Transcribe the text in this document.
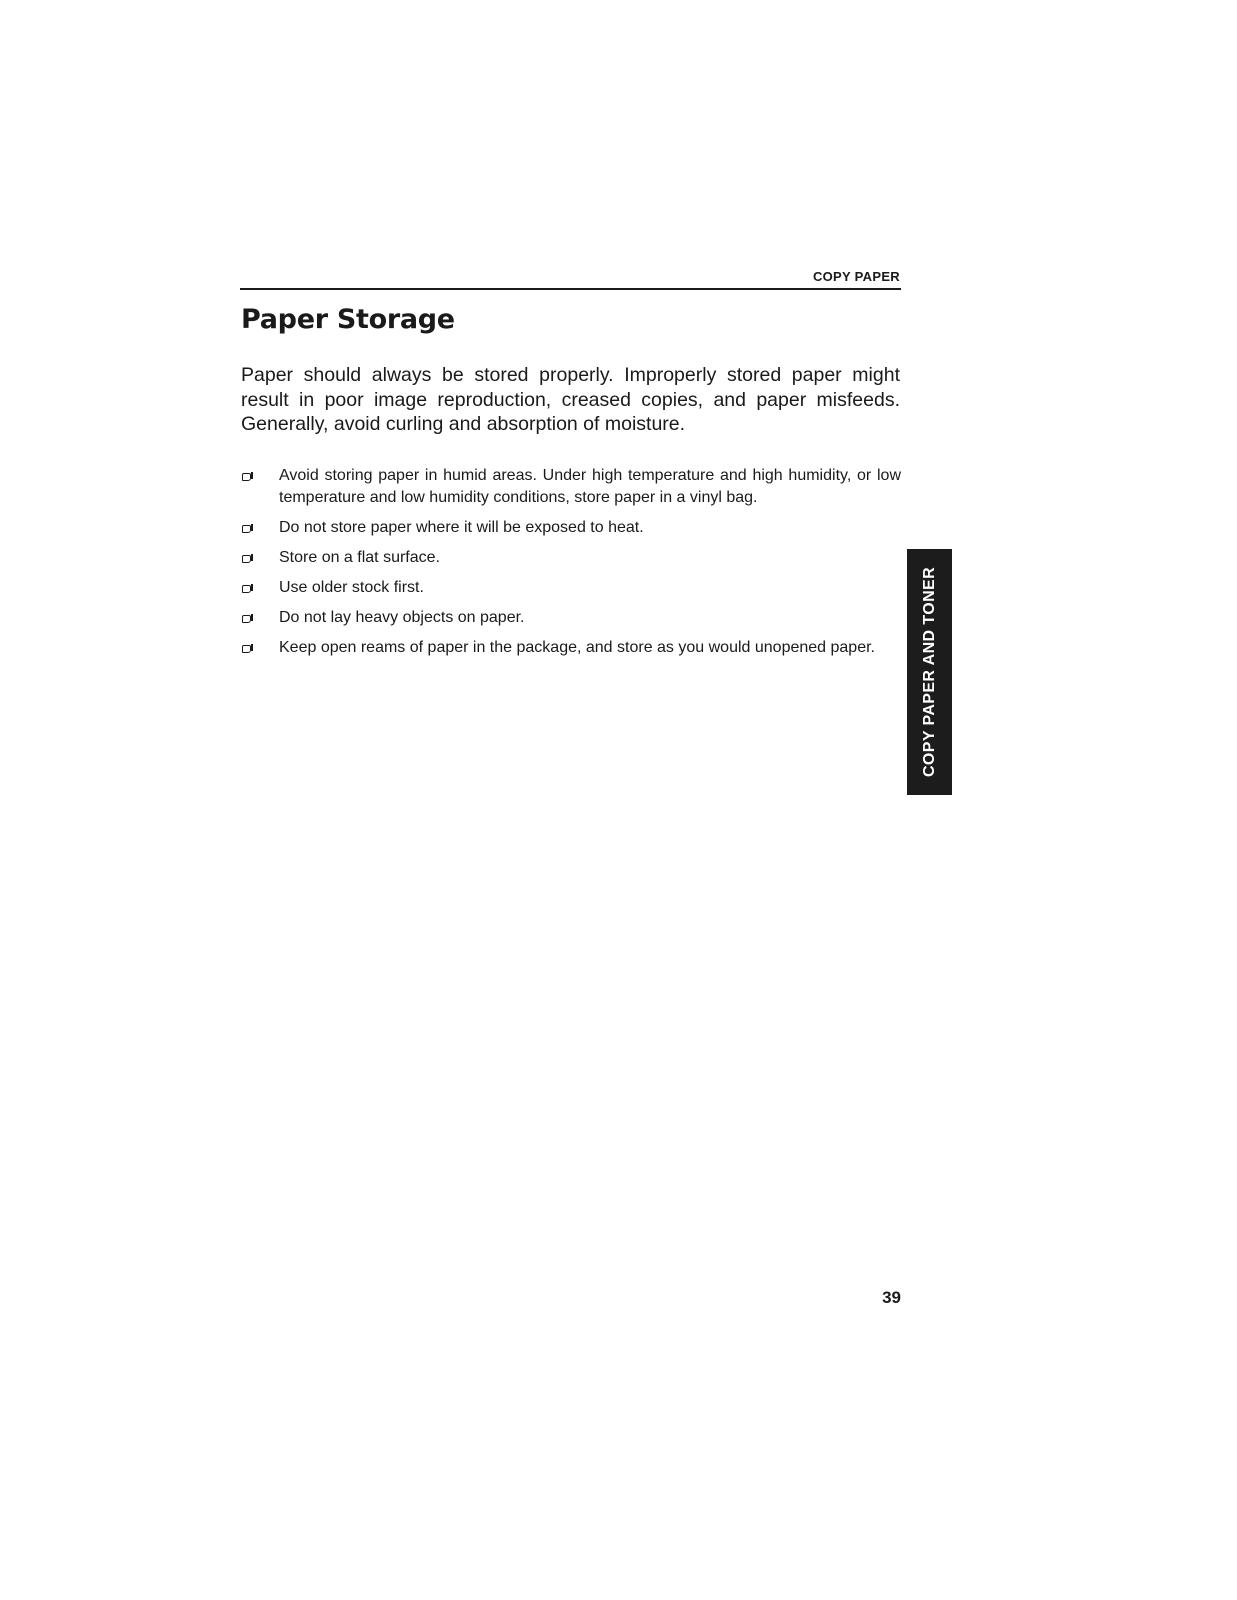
COPY PAPER
Paper Storage

Paper should always be stored properly. Improperly stored paper might result in poor image reproduction, creased copies, and paper misfeeds. Generally, avoid curling and absorption of moisture.

Avoid storing paper in humid areas. Under high temperature and high humidity, or low temperature and low humidity conditions, store paper in a vinyl bag.
Do not store paper where it will be exposed to heat.
Store on a flat surface.
Use older stock first.
Do not lay heavy objects on paper.
Keep open reams of paper in the package, and store as you would unopened paper.	COPY PAPER AND TONER
39
